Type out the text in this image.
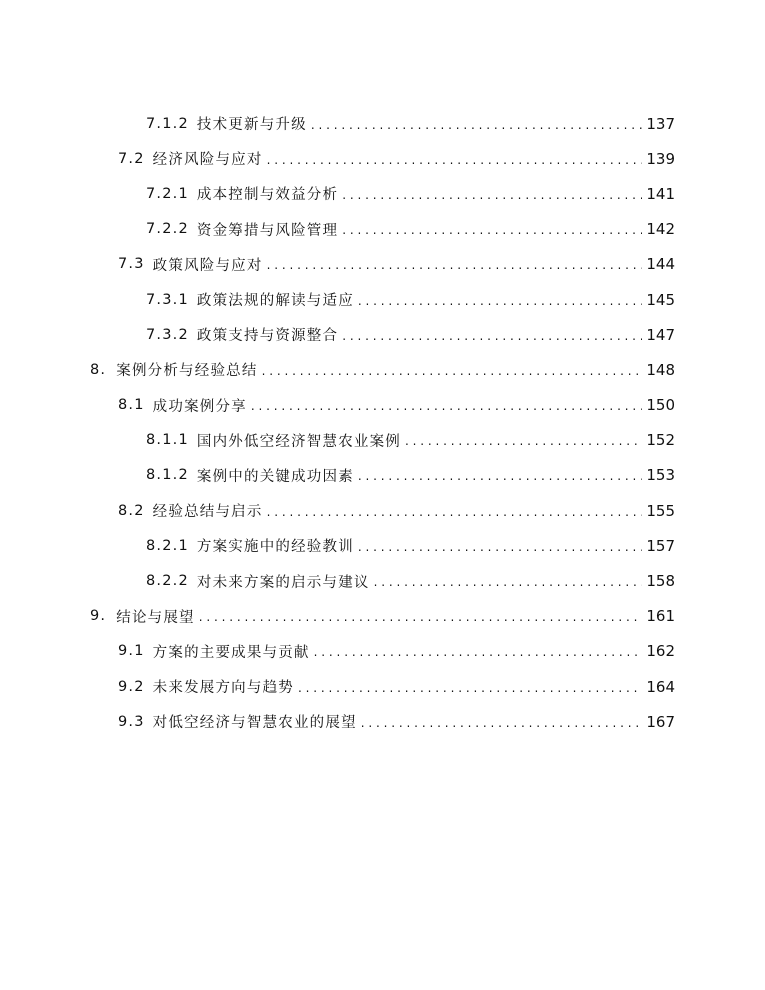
7.1.2 技术更新与升级 . . .	137
7.2 经济风险与应对 . . .	139
7.2.1 成本控制与效益分析 . . .	141
7.2.2 资金筹措与风险管理 . . .	142
7.3 政策风险与应对 . . .	144
7.3.1 政策法规的解读与适应 . . .	145
7.3.2 政策支持与资源整合 . . .	147
8. 案例分析与经验总结 . . .	148
8.1 成功案例分享 . . .	150
8.1.1 国内外低空经济智慧农业案例 . . .	152
8.1.2 案例中的关键成功因素 . . .	153
8.2 经验总结与启示 . . .	155
8.2.1 方案实施中的经验教训 . . .	157
8.2.2 对未来方案的启示与建议 . . .	158
9. 结论与展望 . . .	161
9.1 方案的主要成果与贡献 . . .	162
9.2 未来发展方向与趋势 . . .	164
9.3 对低空经济与智慧农业的展望 . . .	167
